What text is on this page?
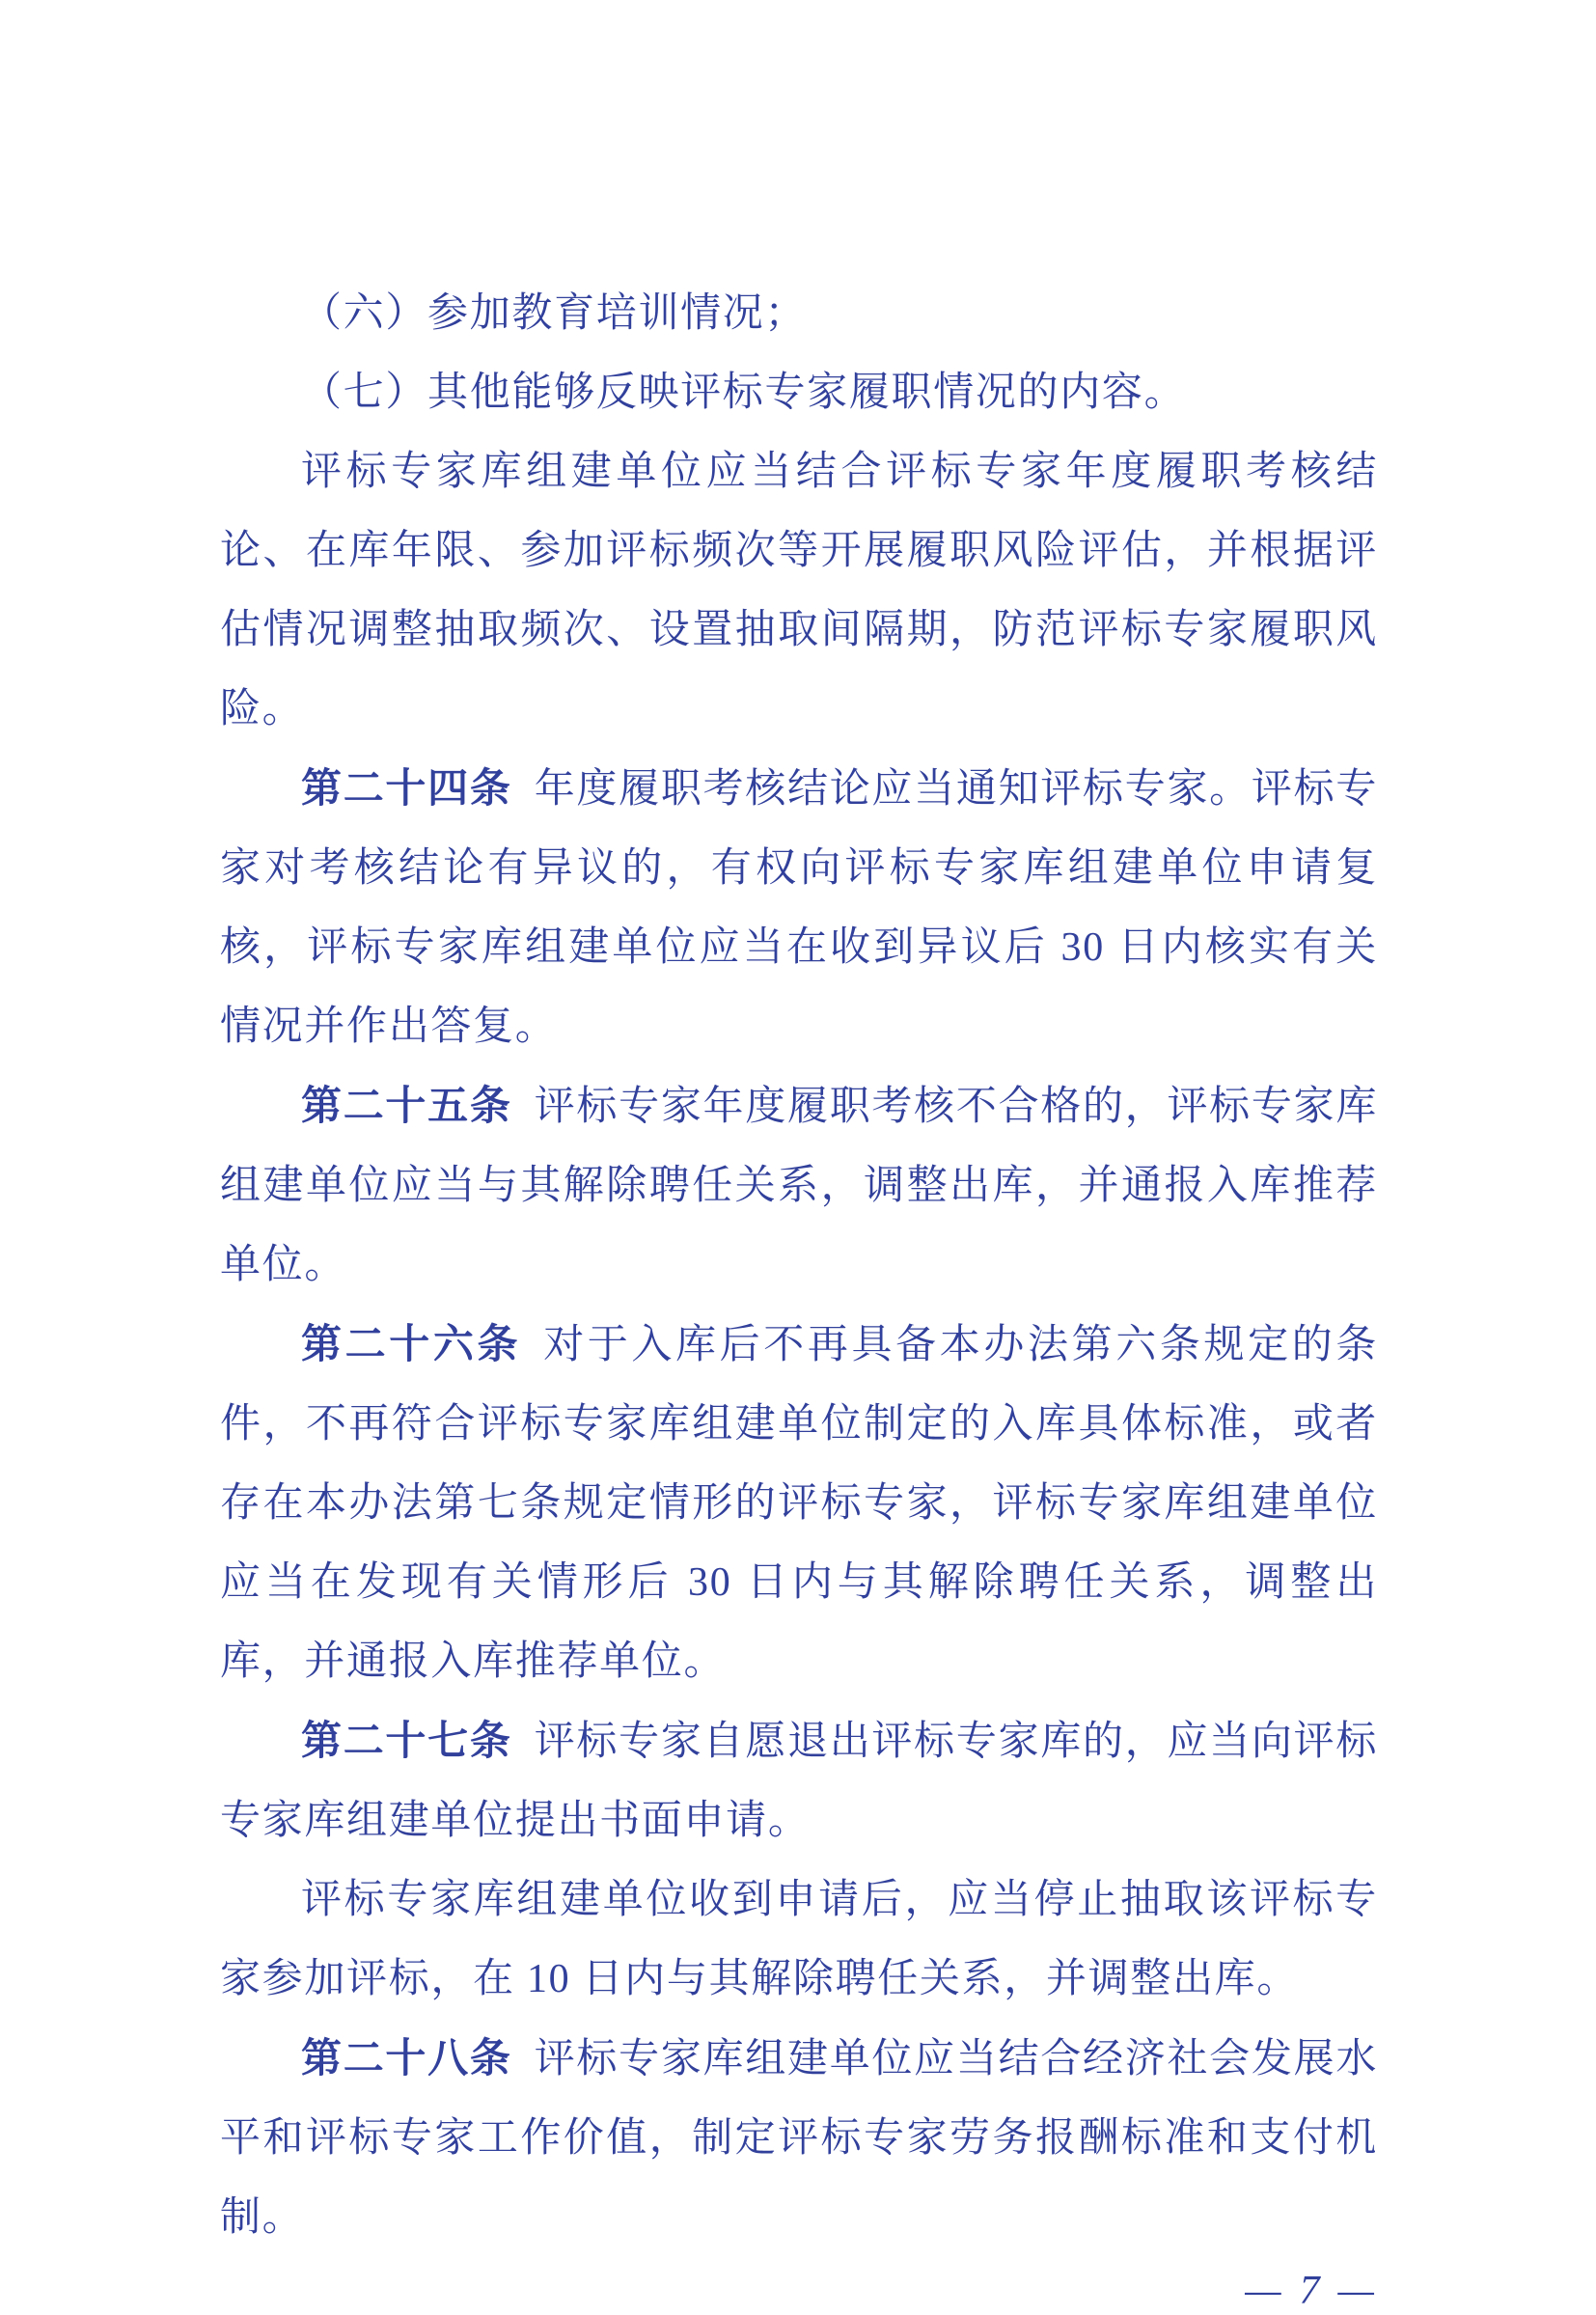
（六）参加教育培训情况；

（七）其他能够反映评标专家履职情况的内容。

评标专家库组建单位应当结合评标专家年度履职考核结论、在库年限、参加评标频次等开展履职风险评估，并根据评估情况调整抽取频次、设置抽取间隔期，防范评标专家履职风险。

第二十四条 年度履职考核结论应当通知评标专家。评标专家对考核结论有异议的，有权向评标专家库组建单位申请复核，评标专家库组建单位应当在收到异议后 30 日内核实有关情况并作出答复。

第二十五条 评标专家年度履职考核不合格的，评标专家库组建单位应当与其解除聘任关系，调整出库，并通报入库推荐单位。

第二十六条 对于入库后不再具备本办法第六条规定的条件，不再符合评标专家库组建单位制定的入库具体标准，或者存在本办法第七条规定情形的评标专家，评标专家库组建单位应当在发现有关情形后 30 日内与其解除聘任关系，调整出库，并通报入库推荐单位。

第二十七条 评标专家自愿退出评标专家库的，应当向评标专家库组建单位提出书面申请。

评标专家库组建单位收到申请后，应当停止抽取该评标专家参加评标，在 10 日内与其解除聘任关系，并调整出库。

第二十八条 评标专家库组建单位应当结合经济社会发展水平和评标专家工作价值，制定评标专家劳务报酬标准和支付机制。

— 7 —
